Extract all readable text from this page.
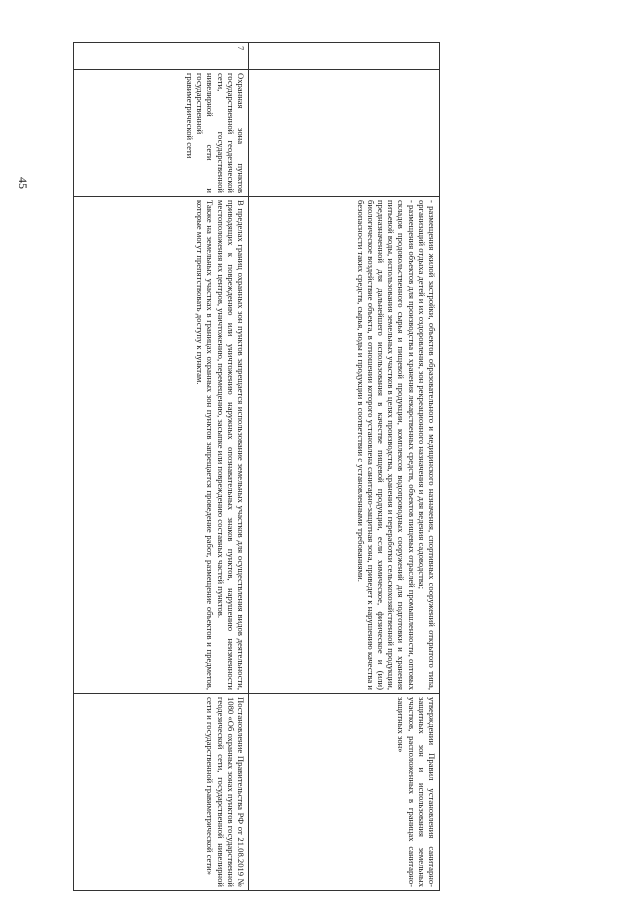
45

		- размещения жилой застройки, объектов образовательного и медицинского назначения, спортивных сооружений открытого типа, организаций отдыха детей и их оздоровления, зон рекреационного назначения и для ведения садоводства;

- размещения объектов для производства и хранения лекарственных средств, объектов пищевых отраслей промышленности, оптовых складов продовольственного сырья и пищевой продукции, комплексов водопроводных сооружений для подготовки и хранения питьевой воды, использования земельных участков в целях производства, хранения и переработки сельскохозяйственной продукции, предназначенной для дальнейшего использования в качестве пищевой продукции, если химическое, физическое и (или) биологическое воздействие объекта, в отношении которого установлена санитарно-защитная зона, приведет к нарушению качества и безопасности таких средств, сырья, воды и продукции в соответствии с установленными требованиями.	утверждении Правил установления санитарно-защитных зон и использования земельных участков, расположенных в границах санитарно-защитных зон»
7	Охранная зона пунктов государственной геодезической сети, государственной нивелирной сети и государственной гравиметрической сети	В пределах границ охранных зон пунктов запрещается использование земельных участков для осуществления видов деятельности, приводящих к повреждению или уничтожению наружных опознавательных знаков пунктов, нарушению неизменности местоположения их центров, уничтожению, перемещению, засыпке или повреждению составных частей пунктов.

Также на земельных участках в границах охранных зон пунктов запрещается проведение работ, размещение объектов и предметов, которые могут препятствовать доступу к пунктам.	Постановление Правительства РФ от 21.08.2019 № 1080 «Об охранных зонах пунктов государственной геодезической сети, государственной нивелирной сети и государственной гравиметрической сети»
